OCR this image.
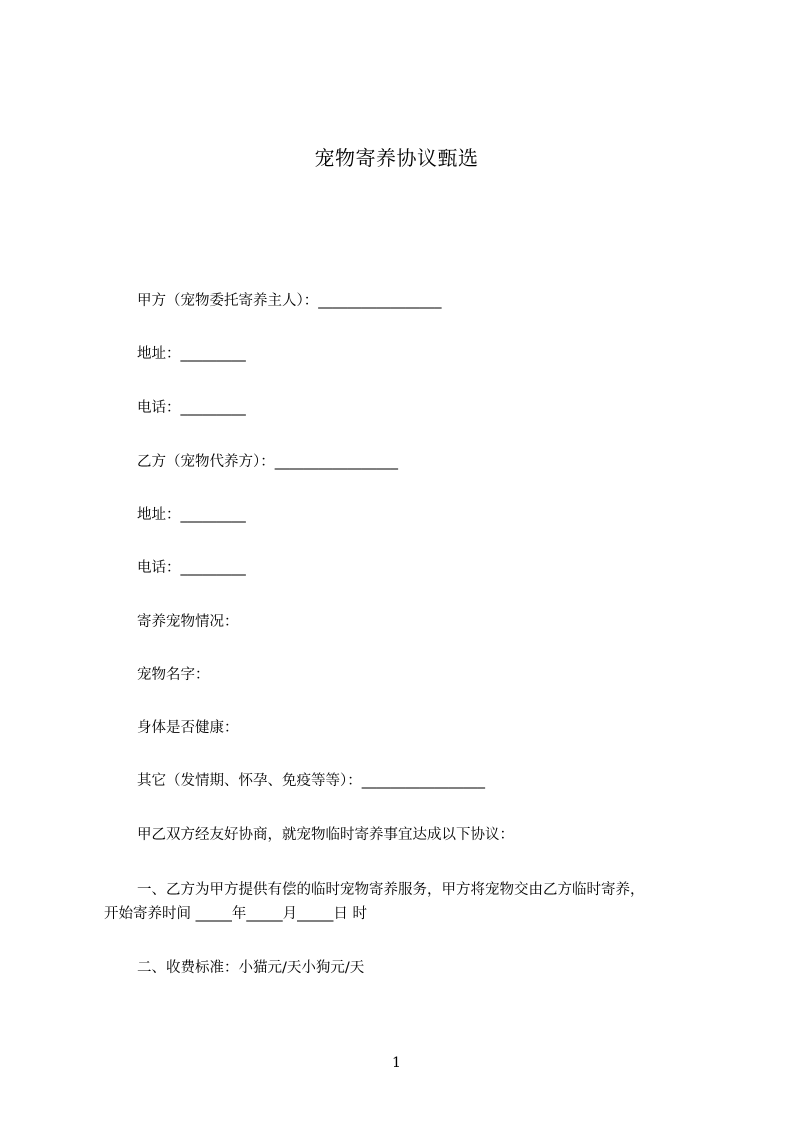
宠物寄养协议甄选
甲方（宠物委托寄养主人）：_________________
地址：_________
电话：_________
乙方（宠物代养方）：_________________
地址：_________
电话：_________
寄养宠物情况：
宠物名字：
身体是否健康：
其它（发情期、怀孕、免疫等等）：_________________
甲乙双方经友好协商，就宠物临时寄养事宜达成以下协议：
一、乙方为甲方提供有偿的临时宠物寄养服务，甲方将宠物交由乙方临时寄养，
开始寄养时间 _____年_____月_____日 时
二、收费标准：小猫元/天小狗元/天
1
